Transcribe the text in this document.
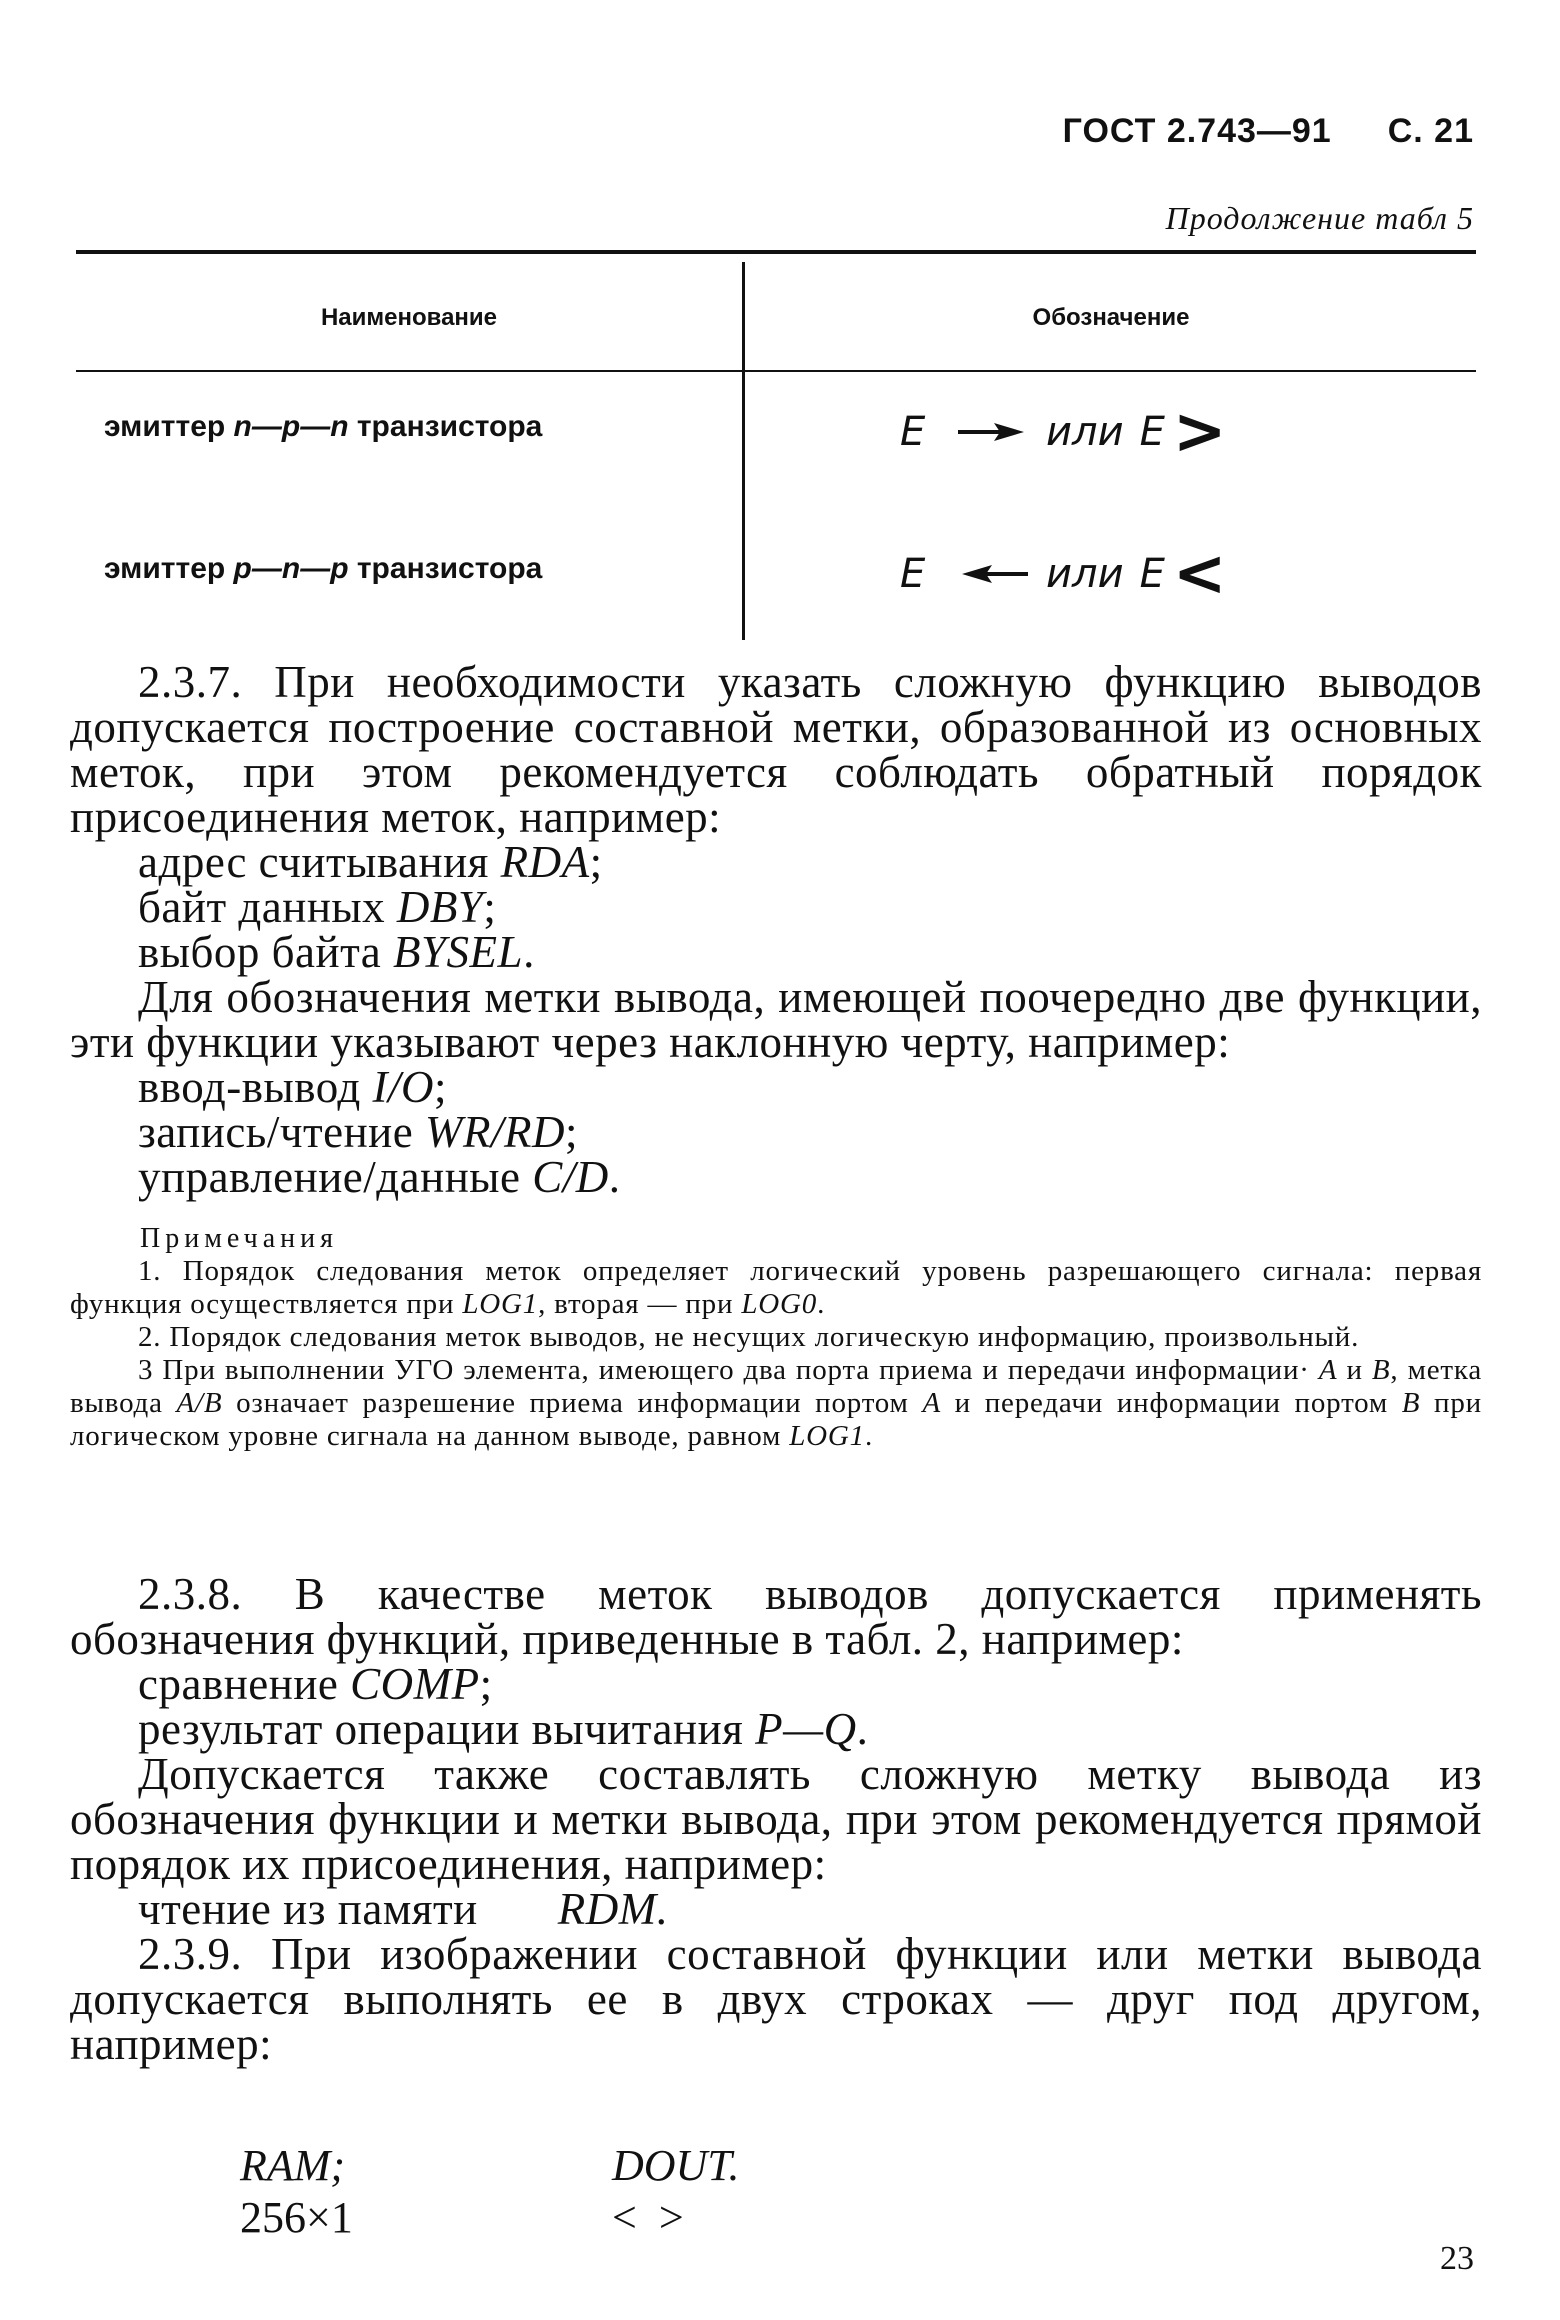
ГОСТ 2.743—91 С. 21
Продолжение табл 5
Наименование	Обозначение
эмиттер n—p—n транзистора	E	или E >
эмиттер p—n—p транзистора	E	или E <

2.3.7. При необходимости указать сложную функцию выводов допускается построение составной метки, образованной из основных меток, при этом рекомендуется соблюдать обратный порядок присоединения меток, например:

адрес считывания RDA;
байт данных DBY;
выбор байта BYSEL.

Для обозначения метки вывода, имеющей поочередно две функции, эти функции указывают через наклонную черту, например:

ввод-вывод I/O;
запись/чтение WR/RD;
управление/данные C/D.
Примечания

1. Порядок следования меток определяет логический уровень разрешающего сигнала: первая функция осуществляется при LOG1, вторая — при LOG0.

2. Порядок следования меток выводов, не несущих логическую информацию, произвольный.

3 При выполнении УГО элемента, имеющего два порта приема и передачи информации· A и B, метка вывода A/B означает разрешение приема информации портом A и передачи информации портом B при логическом уровне сигнала на данном выводе, равном LOG1.

2.3.8. В качестве меток выводов допускается применять обозначения функций, приведенные в табл. 2, например:

сравнение COMP;
результат операции вычитания P—Q.

Допускается также составлять сложную метку вывода из обозначения функции и метки вывода, при этом рекомендуется прямой порядок их присоединения, например:

чтение из памяти RDM.

2.3.9. При изображении составной функции или метки вывода допускается выполнять ее в двух строках — друг под другом, например:

RAM;
256×1
DOUT.
<  >
23
